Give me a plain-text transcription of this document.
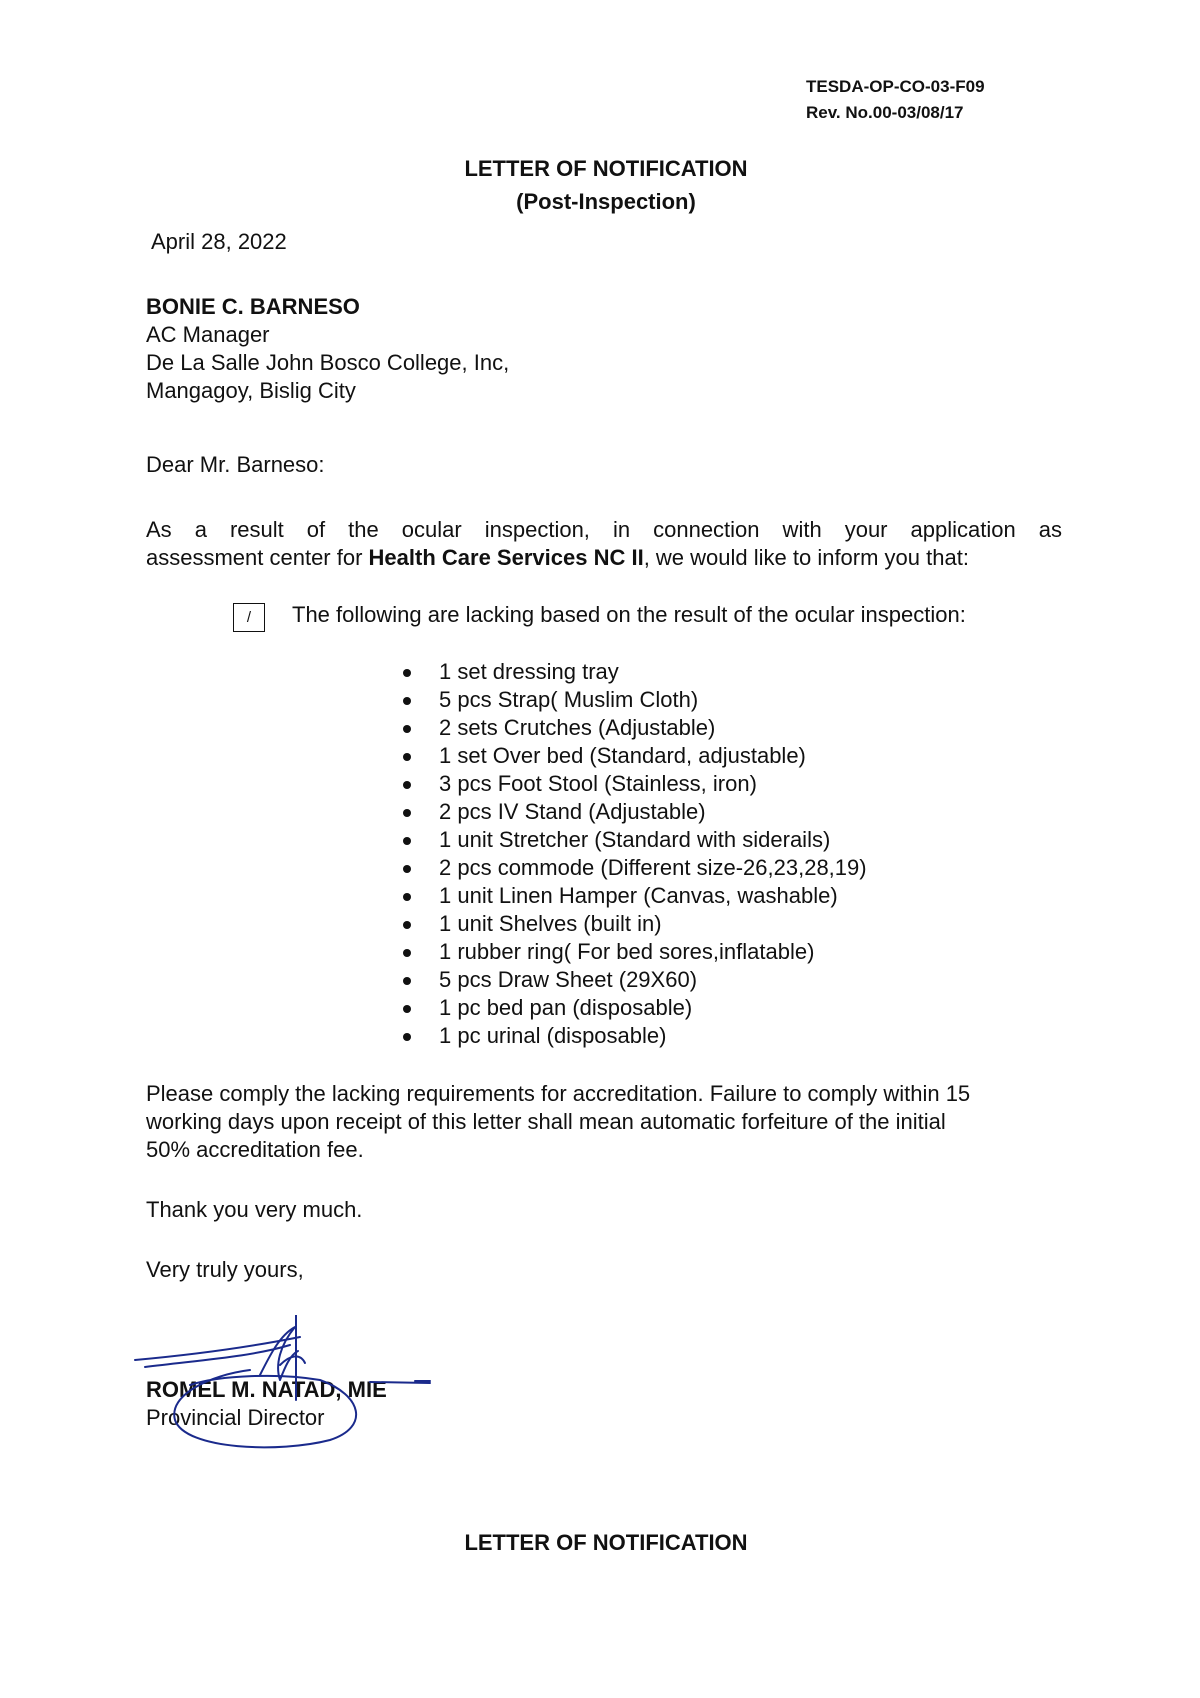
TESDA-OP-CO-03-F09
Rev. No.00-03/08/17
LETTER OF NOTIFICATION
(Post-Inspection)
April 28, 2022
BONIE C. BARNESO
AC Manager
De La Salle John Bosco College, Inc,
Mangagoy, Bislig City
Dear Mr. Barneso:
As a result of the ocular inspection, in connection with your application as
assessment center for Health Care Services NC II, we would like to inform you that:
/	The following are lacking based on the result of the ocular inspection:
1 set dressing tray
5 pcs Strap( Muslim Cloth)
2 sets Crutches (Adjustable)
1 set Over bed (Standard, adjustable)
3 pcs Foot Stool (Stainless, iron)
2 pcs IV Stand (Adjustable)
1 unit Stretcher (Standard with siderails)
2 pcs commode (Different size-26,23,28,19)
1 unit Linen Hamper (Canvas, washable)
1 unit Shelves (built in)
1 rubber ring( For bed sores,inflatable)
5 pcs Draw Sheet (29X60)
1 pc bed pan (disposable)
1 pc urinal (disposable)
Please comply the lacking requirements for accreditation. Failure to comply within 15
working days upon receipt of this letter shall mean automatic forfeiture of the initial
50% accreditation fee.
Thank you very much.
Very truly yours,
ROMEL M. NATAD, MIE
Provincial Director
LETTER OF NOTIFICATION
